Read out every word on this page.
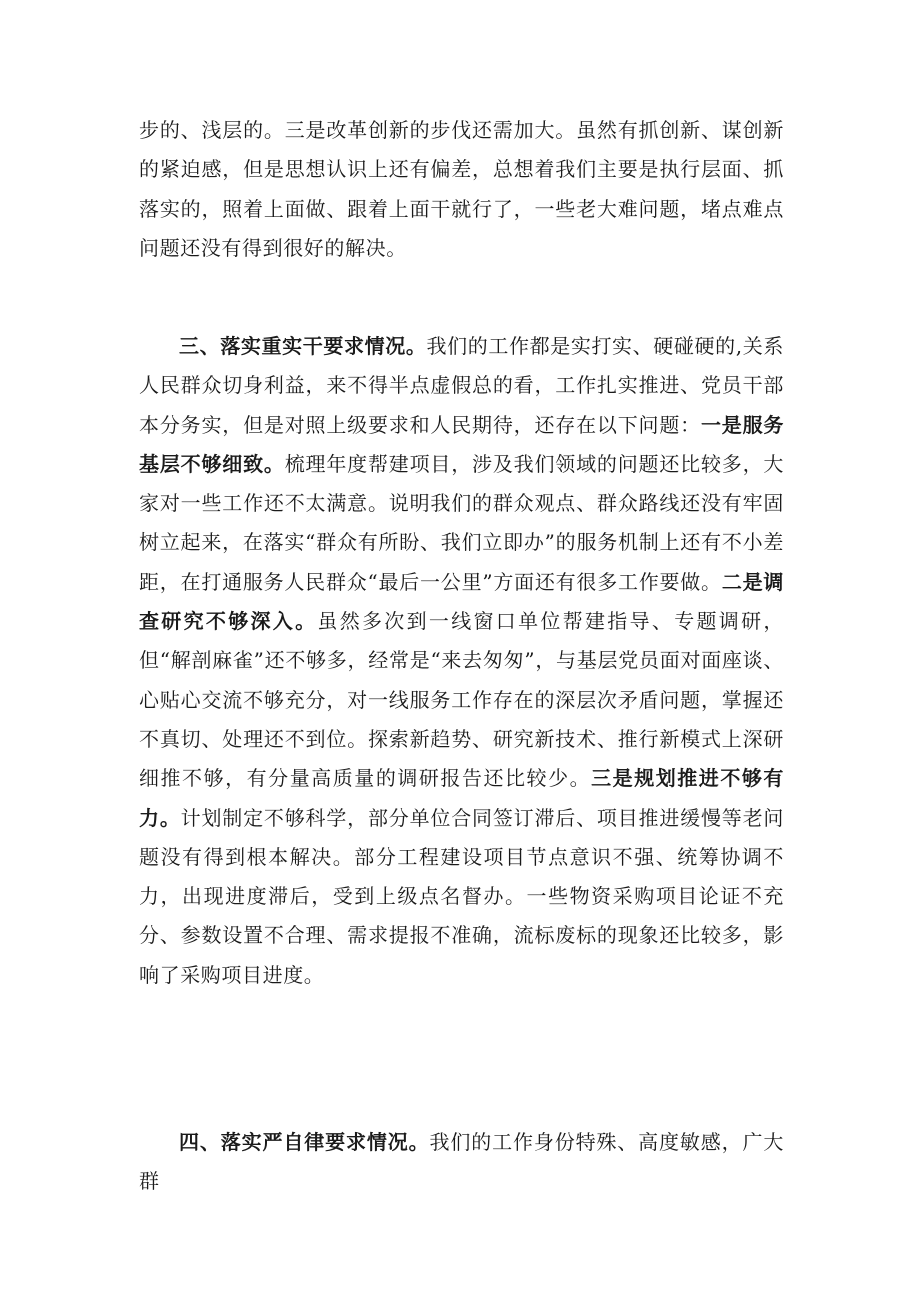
步的、浅层的。三是改革创新的步伐还需加大。虽然有抓创新、谋创新的紧迫感，但是思想认识上还有偏差，总想着我们主要是执行层面、抓落实的，照着上面做、跟着上面干就行了，一些老大难问题，堵点难点问题还没有得到很好的解决。

三、落实重实干要求情况。我们的工作都是实打实、硬碰硬的,关系人民群众切身利益，来不得半点虚假总的看，工作扎实推进、党员干部本分务实，但是对照上级要求和人民期待，还存在以下问题：一是服务基层不够细致。梳理年度帮建项目，涉及我们领域的问题还比较多，大家对一些工作还不太满意。说明我们的群众观点、群众路线还没有牢固树立起来，在落实“群众有所盼、我们立即办”的服务机制上还有不小差距，在打通服务人民群众“最后一公里”方面还有很多工作要做。二是调查研究不够深入。虽然多次到一线窗口单位帮建指导、专题调研，但“解剖麻雀”还不够多，经常是“来去匆匆”，与基层党员面对面座谈、心贴心交流不够充分，对一线服务工作存在的深层次矛盾问题，掌握还不真切、处理还不到位。探索新趋势、研究新技术、推行新模式上深研细推不够，有分量高质量的调研报告还比较少。三是规划推进不够有力。计划制定不够科学，部分单位合同签订滞后、项目推进缓慢等老问题没有得到根本解决。部分工程建设项目节点意识不强、统筹协调不力，出现进度滞后，受到上级点名督办。一些物资采购项目论证不充分、参数设置不合理、需求提报不准确，流标废标的现象还比较多，影响了采购项目进度。

四、落实严自律要求情况。我们的工作身份特殊、高度敏感，广大群
